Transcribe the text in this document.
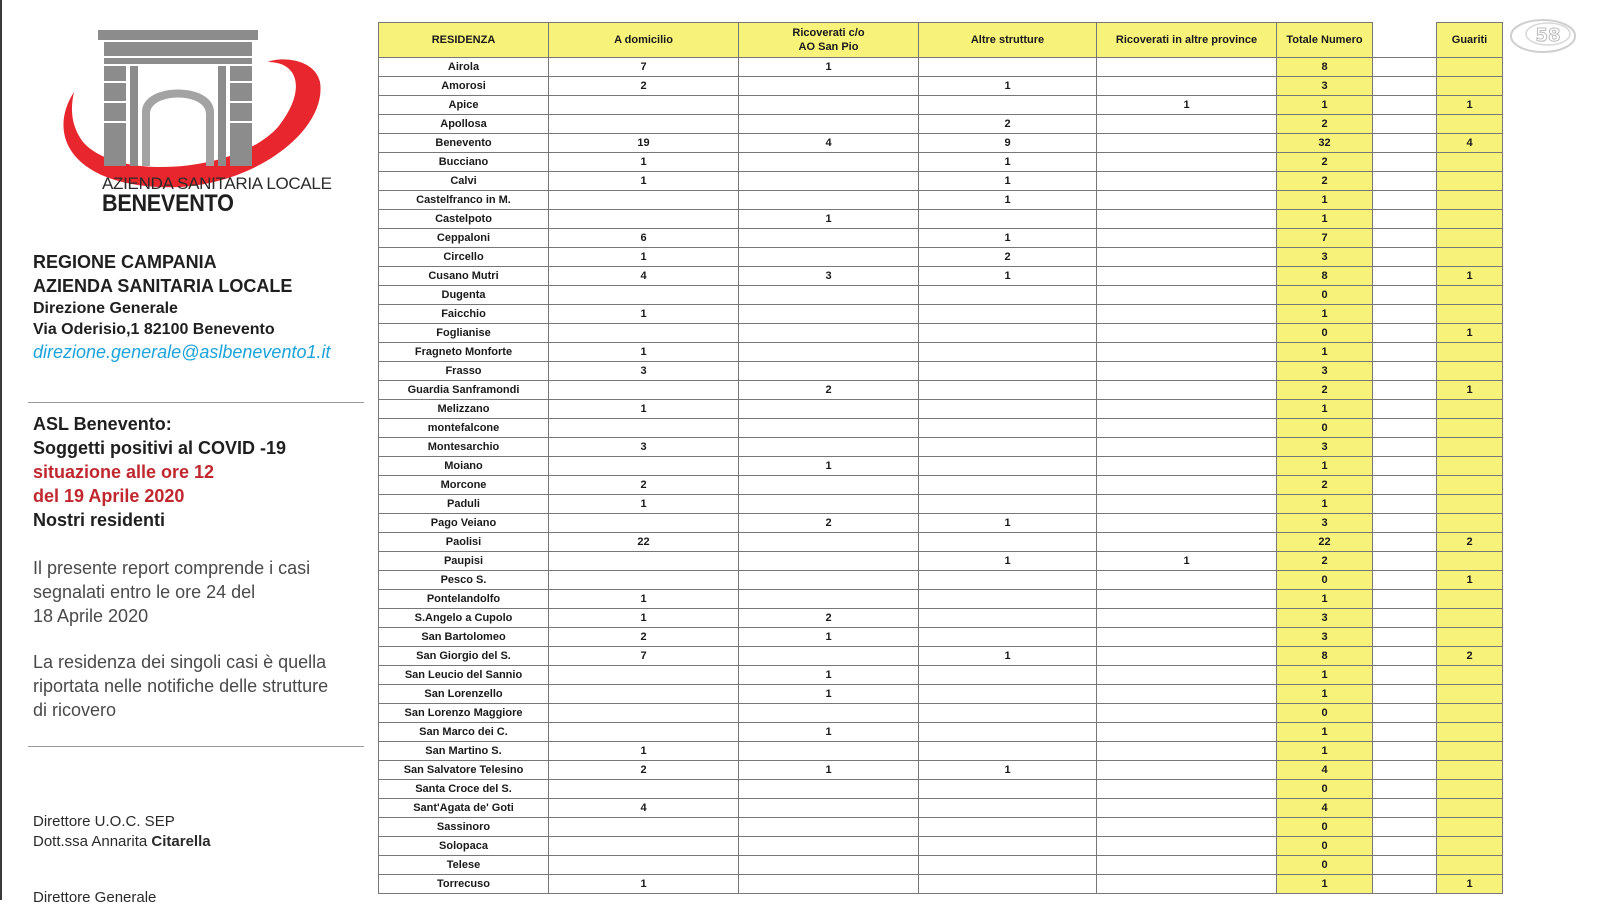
AZIENDA SANITARIA LOCALE
BENEVENTO
REGIONE CAMPANIA
AZIENDA SANITARIA LOCALE
Direzione Generale
Via Oderisio,1 82100 Benevento
direzione.generale@aslbenevento1.it
ASL Benevento:
Soggetti positivi al COVID -19
situazione alle ore 12
del 19 Aprile 2020
Nostri residenti
Il presente report comprende i casi
segnalati entro le ore 24 del
18 Aprile 2020
La residenza dei singoli casi è quella
riportata nelle notifiche delle strutture
di ricovero
Direttore U.O.C. SEP
Dott.ssa Annarita Citarella
Direttore Generale
RESIDENZA	A domicilio	Ricoverati c/o
AO San Pio	Altre strutture	Ricoverati in altre province	Totale Numero		Guariti
Airola	7	1			8		
Amorosi	2		1		3		
Apice				1	1		1
Apollosa			2		2		
Benevento	19	4	9		32		4
Bucciano	1		1		2		
Calvi	1		1		2		
Castelfranco in M.			1		1		
Castelpoto		1			1		
Ceppaloni	6		1		7		
Circello	1		2		3		
Cusano Mutri	4	3	1		8		1
Dugenta					0		
Faicchio	1				1		
Foglianise					0		1
Fragneto Monforte	1				1		
Frasso	3				3		
Guardia Sanframondi		2			2		1
Melizzano	1				1		
montefalcone					0		
Montesarchio	3				3		
Moiano		1			1		
Morcone	2				2		
Paduli	1				1		
Pago Veiano		2	1		3		
Paolisi	22				22		2
Paupisi			1	1	2		
Pesco S.					0		1
Pontelandolfo	1				1		
S.Angelo a Cupolo	1	2			3		
San Bartolomeo	2	1			3		
San Giorgio del S.	7		1		8		2
San Leucio del Sannio		1			1		
San Lorenzello		1			1		
San Lorenzo Maggiore					0		
San Marco dei C.		1			1		
San Martino S.	1				1		
San Salvatore Telesino	2	1	1		4		
Santa Croce del S.					0		
Sant'Agata de' Goti	4				4		
Sassinoro					0		
Solopaca					0		
Telese					0		
Torrecuso	1				1		1
58
